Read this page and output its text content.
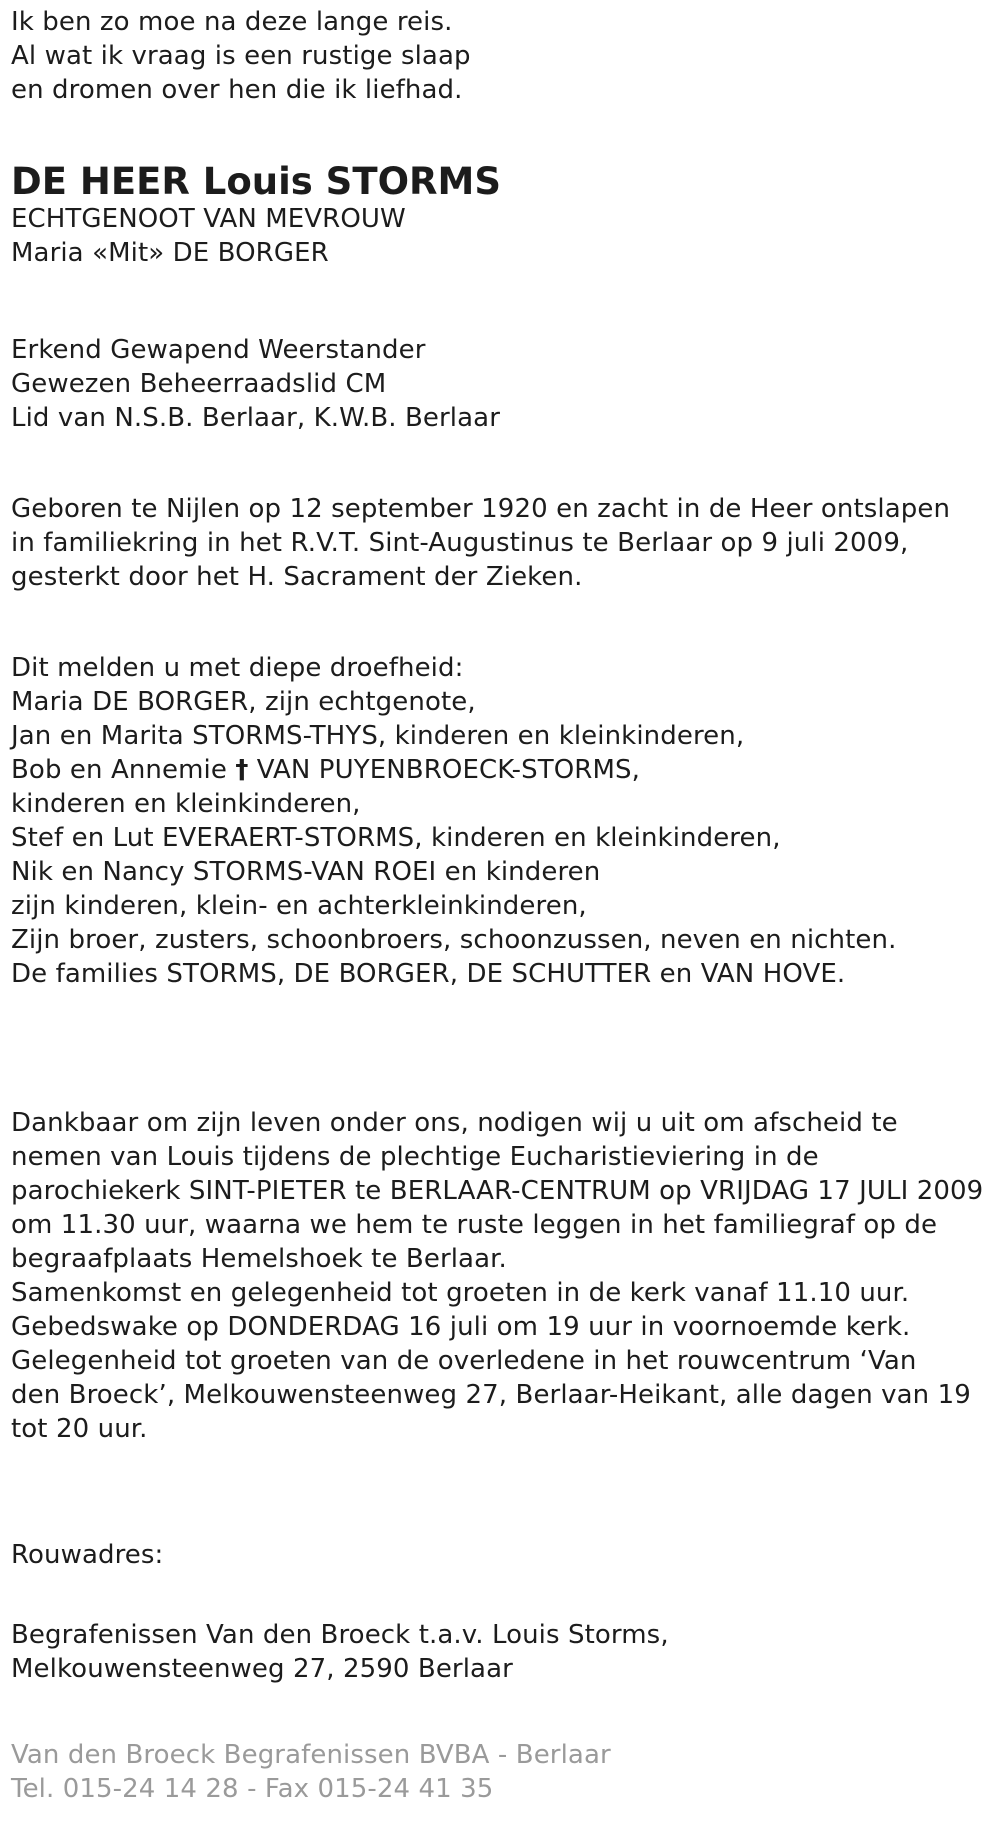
Ik ben zo moe na deze lange reis.
Al wat ik vraag is een rustige slaap
en dromen over hen die ik liefhad.
DE HEER Louis STORMS
ECHTGENOOT VAN MEVROUW
Maria «Mit» DE BORGER
Erkend Gewapend Weerstander
Gewezen Beheerraadslid CM
Lid van N.S.B. Berlaar, K.W.B. Berlaar
Geboren te Nijlen op 12 september 1920 en zacht in de Heer ontslapen
in familiekring in het R.V.T. Sint-Augustinus te Berlaar op 9 juli 2009,
gesterkt door het H. Sacrament der Zieken.
Dit melden u met diepe droefheid:
Maria DE BORGER, zijn echtgenote,
Jan en Marita STORMS-THYS, kinderen en kleinkinderen,
Bob en Annemie † VAN PUYENBROECK-STORMS,
kinderen en kleinkinderen,
Stef en Lut EVERAERT-STORMS, kinderen en kleinkinderen,
Nik en Nancy STORMS-VAN ROEI en kinderen
zijn kinderen, klein- en achterkleinkinderen,
Zijn broer, zusters, schoonbroers, schoonzussen, neven en nichten.
De families STORMS, DE BORGER, DE SCHUTTER en VAN HOVE.
Dankbaar om zijn leven onder ons, nodigen wij u uit om afscheid te
nemen van Louis tijdens de plechtige Eucharistieviering in de
parochiekerk SINT-PIETER te BERLAAR-CENTRUM op VRIJDAG 17 JULI 2009
om 11.30 uur, waarna we hem te ruste leggen in het familiegraf op de
begraafplaats Hemelshoek te Berlaar.
Samenkomst en gelegenheid tot groeten in de kerk vanaf 11.10 uur.
Gebedswake op DONDERDAG 16 juli om 19 uur in voornoemde kerk.
Gelegenheid tot groeten van de overledene in het rouwcentrum ‘Van
den Broeck’, Melkouwensteenweg 27, Berlaar-Heikant, alle dagen van 19
tot 20 uur.
Rouwadres:
Begrafenissen Van den Broeck t.a.v. Louis Storms,
Melkouwensteenweg 27, 2590 Berlaar
Van den Broeck Begrafenissen BVBA - Berlaar
Tel. 015-24 14 28 - Fax 015-24 41 35
